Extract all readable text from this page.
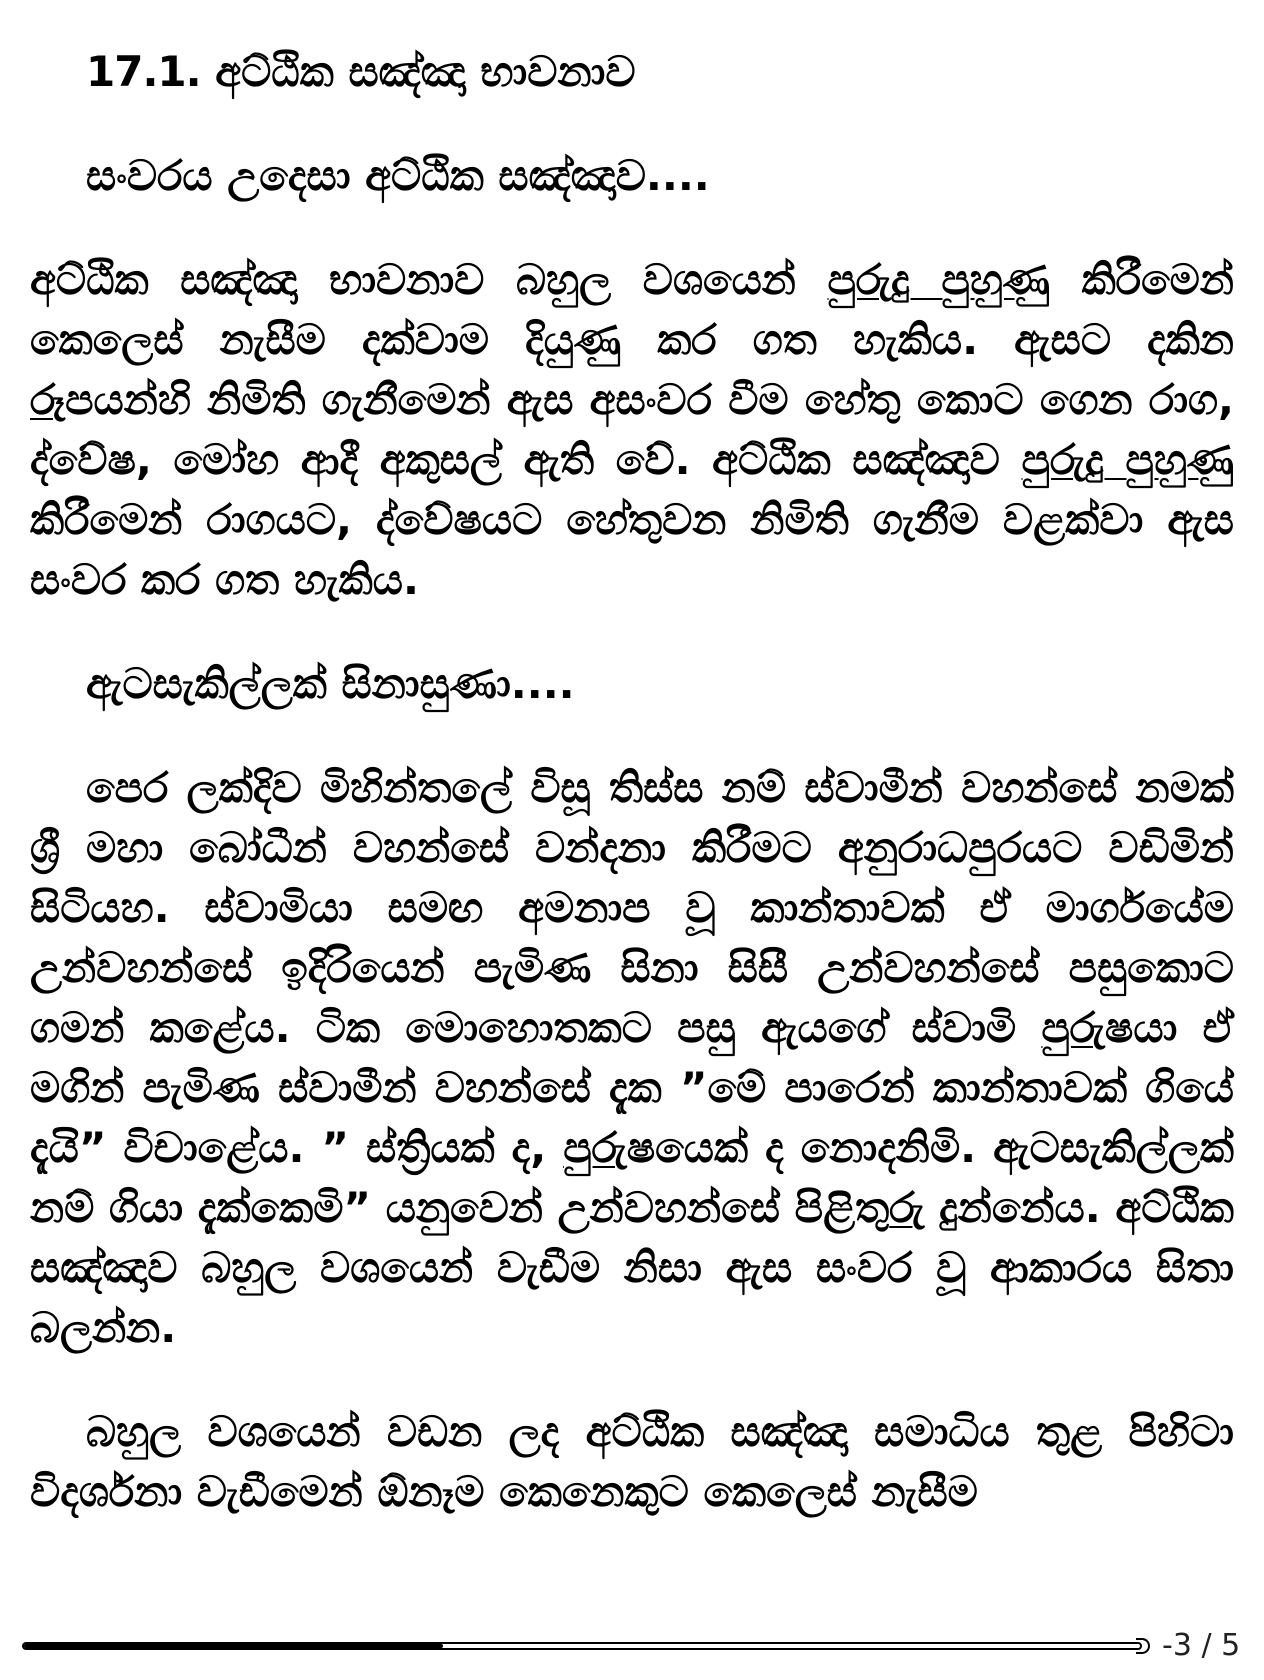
17.1. අට්ඨික සඤ්ඤා භාවනාව

සංවරය උදෙසා අට්ඨික සඤ්ඤාව....

අට්ඨික සඤ්ඤා භාවනාව බහුල වශයෙන් පුරුදු පුහුණු කිරීමෙන් කෙලෙස් නැසීම දක්වාම දියුණු කර ගත හැකිය. ඇසට දකින රූපයන්හි නිමිති ගැනීමෙන් ඇස අසංවර වීම හේතු කොට ගෙන රාග, ද්වේෂ, මෝහ ආදී අකුසල් ඇති වේ. අට්ඨික සඤ්ඤාව පුරුදු පුහුණු කිරීමෙන් රාගයට, ද්වේෂයට හේතුවන නිමිති ගැනීම වළක්වා ඇස සංවර කර ගත හැකිය.

ඇටසැකිල්ලක් සිනාසුණා....

පෙර ලක්දිව මිහින්තලේ විසූ තිස්ස නම් ස්වාමීන් වහන්සේ නමක් ශ්‍රී මහා බෝධීන් වහන්සේ වන්දනා කිරීමට අනුරාධපුරයට වඩිමින් සිටියහ. ස්වාමියා සමඟ අමනාප වූ කාන්තාවක් ඒ මාර්ගයේම උන්වහන්සේ ඉදිරියෙන් පැමිණ සිනා සිසී උන්වහන්සේ පසුකොට ගමන් කළේය. ටික මොහොතකට පසු ඇයගේ ස්වාමි පුරුෂයා ඒ මගින් පැමිණ ස්වාමීන් වහන්සේ දැක ”මේ පාරෙන් කාන්තාවක් ගියේ දැයි” විචාළේය. ” ස්ත්‍රියක් ද, පුරුෂයෙක් ද නොදනිමි. ඇටසැකිල්ලක් නම් ගියා දැක්කෙමි” යනුවෙන් උන්වහන්සේ පිළිතුරු දුන්නේය. අට්ඨික සඤ්ඤාව බහුල වශයෙන් වැඩීම නිසා ඇස සංවර වූ ආකාරය සිතා බලන්න.

බහුල වශයෙන් වඩන ලද අට්ඨික සඤ්ඤා සමාධිය තුළ පිහිටා විදර්ශනා වැඩීමෙන් ඕනෑම කෙනෙකුට කෙලෙස් නැසීම

-3 / 5
